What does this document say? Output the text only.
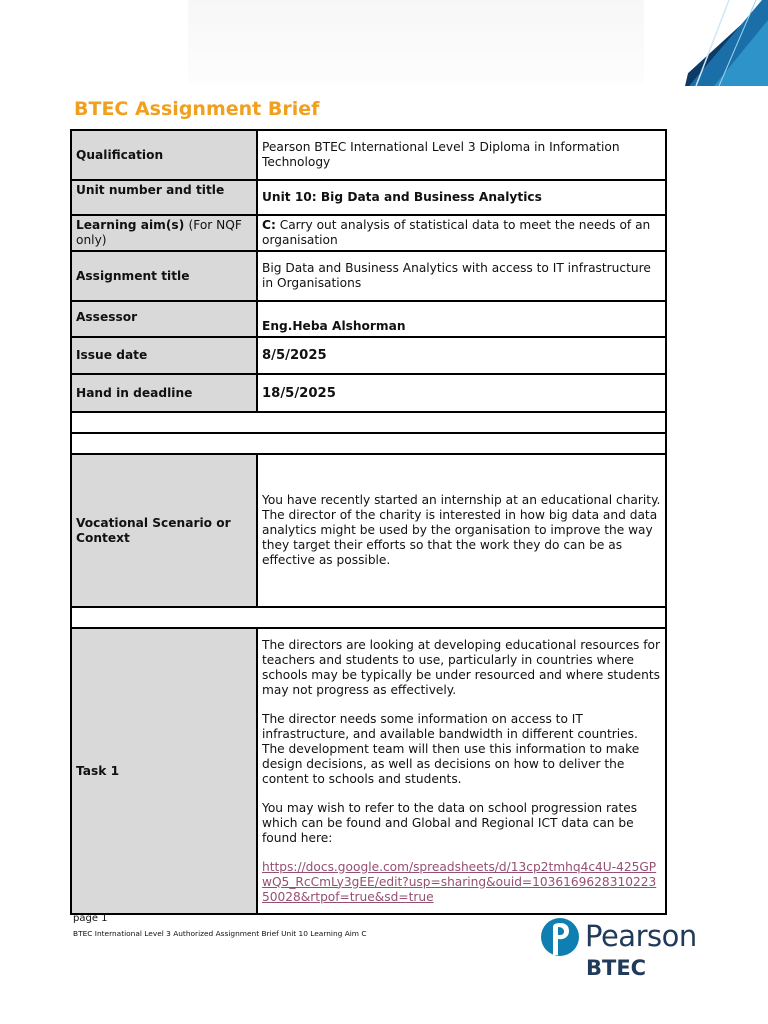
BTEC Assignment Brief
Qualification	Pearson BTEC International Level 3 Diploma in Information Technology
Unit number and title	Unit 10: Big Data and Business Analytics
Learning aim(s) (For NQF only)	C: Carry out analysis of statistical data to meet the needs of an organisation
Assignment title	Big Data and Business Analytics with access to IT infrastructure in Organisations
Assessor	Eng.Heba Alshorman
Issue date	8/5/2025
Hand in deadline	18/5/2025

Vocational Scenario or Context	You have recently started an internship at an educational charity. The director of the charity is interested in how big data and data analytics might be used by the organisation to improve the way they target their efforts so that the work they do can be as effective as possible.

Task 1	The directors are looking at developing educational resources for teachers and students to use, particularly in countries where schools may be typically be under resourced and where students may not progress as effectively.

The director needs some information on access to IT infrastructure, and available bandwidth in different countries. The development team will then use this information to make design decisions, as well as decisions on how to deliver the content to schools and students.

You may wish to refer to the data on school progression rates which can be found and Global and Regional ICT data can be found here:

https://docs.google.com/spreadsheets/d/13cp2tmhq4c4U-425GPwQ5_RcCmLy3gEE/edit?usp=sharing&ouid=103616962831022350028&rtpof=true&sd=true

page 1
BTEC International Level 3 Authorized Assignment Brief Unit 10 Learning Aim C	Pearson
BTEC
